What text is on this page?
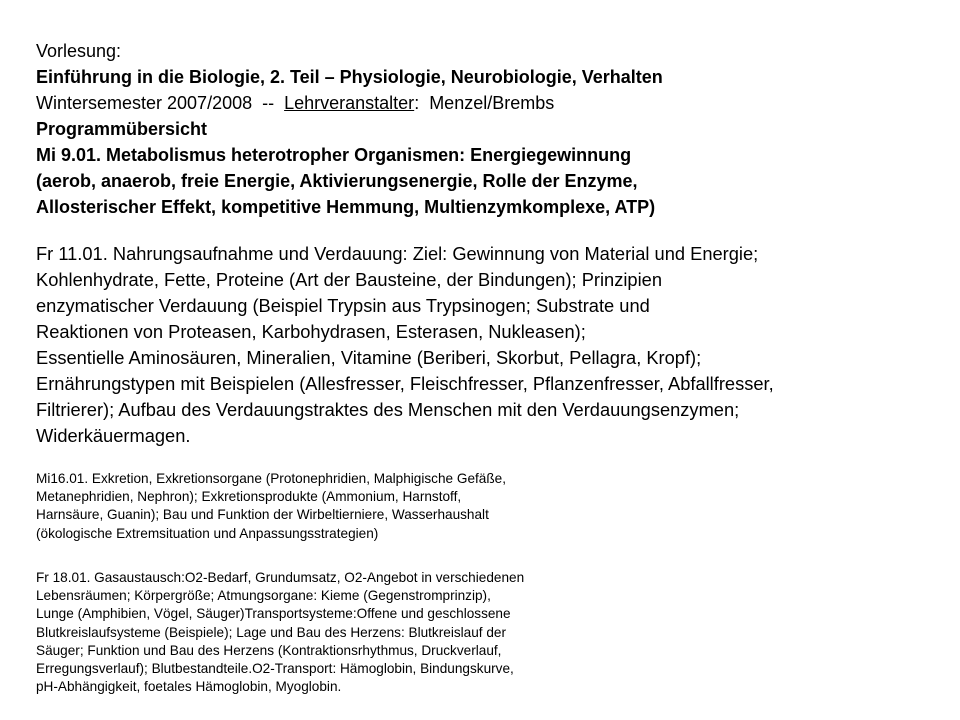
Vorlesung:
Einführung in die Biologie, 2. Teil – Physiologie, Neurobiologie, Verhalten
Wintersemester 2007/2008  --  Lehrveranstalter:  Menzel/Brembs
Programmübersicht
Mi 9.01. Metabolismus heterotropher Organismen: Energiegewinnung
(aerob, anaerob, freie Energie, Aktivierungsenergie, Rolle der Enzyme,
Allosterischer Effekt, kompetitive Hemmung, Multienzymkomplexe, ATP)
Fr 11.01. Nahrungsaufnahme und Verdauung: Ziel: Gewinnung von Material und Energie;
Kohlenhydrate, Fette, Proteine (Art der Bausteine, der Bindungen); Prinzipien
enzymatischer Verdauung (Beispiel Trypsin aus Trypsinogen; Substrate und
Reaktionen von Proteasen, Karbohydrasen, Esterasen, Nukleasen);
Essentielle Aminosäuren, Mineralien, Vitamine (Beriberi, Skorbut, Pellagra, Kropf);
Ernährungstypen mit Beispielen (Allesfresser, Fleischfresser, Pflanzenfresser, Abfallfresser,
Filtrierer); Aufbau des Verdauungstraktes des Menschen mit den Verdauungsenzymen;
Widerkäuermagen.
Mi16.01. Exkretion, Exkretionsorgane (Protonephridien, Malphigische Gefäße,
Metanephridien, Nephron); Exkretionsprodukte (Ammonium, Harnstoff,
Harnsäure, Guanin); Bau und Funktion der Wirbeltierniere, Wasserhaushalt
(ökologische Extremsituation und Anpassungsstrategien)
Fr 18.01. Gasaustausch:O2-Bedarf, Grundumsatz, O2-Angebot in verschiedenen
Lebensräumen; Körpergröße; Atmungsorgane: Kieme (Gegenstromprinzip),
Lunge (Amphibien, Vögel, Säuger)Transportsysteme:Offene und geschlossene
Blutkreislaufsysteme (Beispiele); Lage und Bau des Herzens: Blutkreislauf der
Säuger; Funktion und Bau des Herzens (Kontraktionsrhythmus, Druckverlauf,
Erregungsverlauf); Blutbestandteile.O2-Transport: Hämoglobin, Bindungskurve,
pH-Abhängigkeit, foetales Hämoglobin, Myoglobin.
